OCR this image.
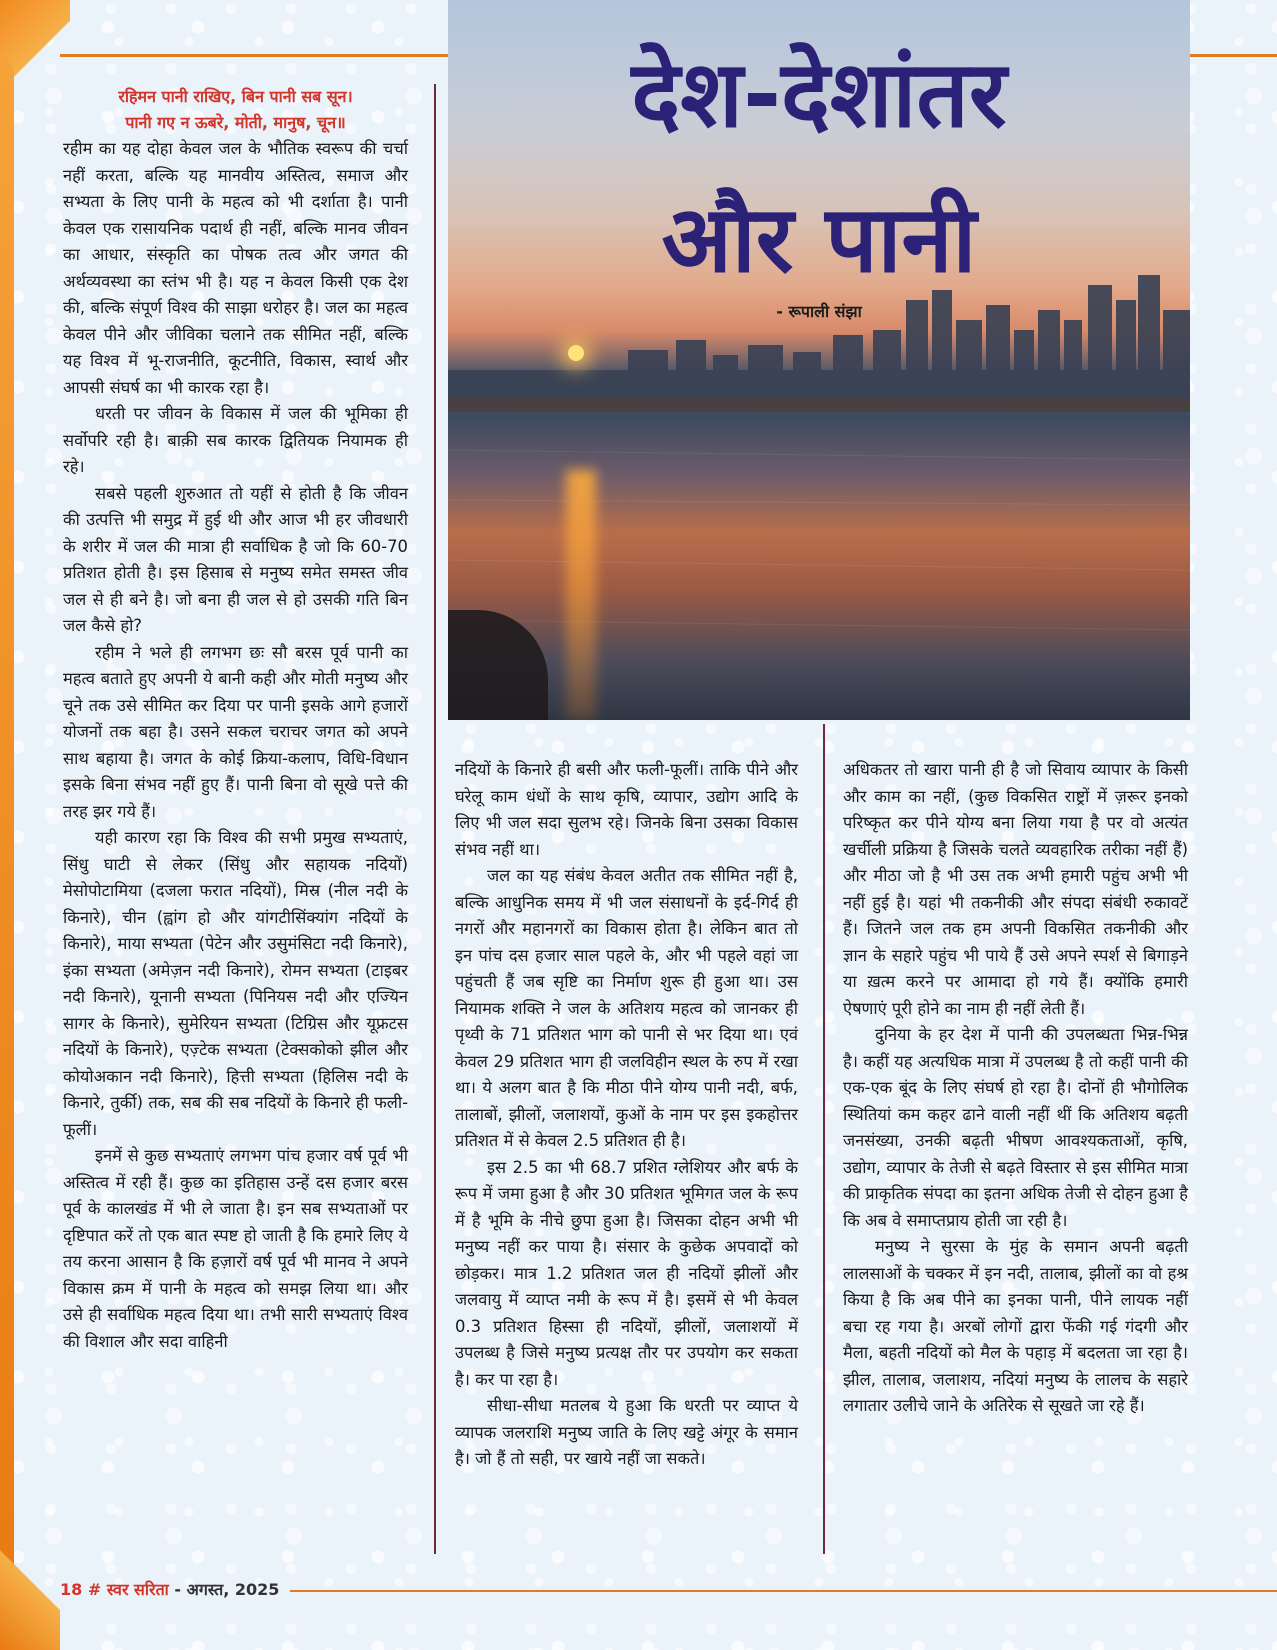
देश-देशांतर
और पानी
- रूपाली संझा

रहिमन पानी राखिए, बिन पानी सब सून।

पानी गए न ऊबरे, मोती, मानुष, चून॥

रहीम का यह दोहा केवल जल के भौतिक स्वरूप की चर्चा नहीं करता, बल्कि यह मानवीय अस्तित्व, समाज और सभ्यता के लिए पानी के महत्व को भी दर्शाता है। पानी केवल एक रासायनिक पदार्थ ही नहीं, बल्कि मानव जीवन का आधार, संस्कृति का पोषक तत्व और जगत की अर्थव्यवस्था का स्तंभ भी है। यह न केवल किसी एक देश की, बल्कि संपूर्ण विश्व की साझा धरोहर है। जल का महत्व केवल पीने और जीविका चलाने तक सीमित नहीं, बल्कि यह विश्व में भू-राजनीति, कूटनीति, विकास, स्वार्थ और आपसी संघर्ष का भी कारक रहा है।

धरती पर जीवन के विकास में जल की भूमिका ही सर्वोपरि रही है। बाक़ी सब कारक द्वितियक नियामक ही रहे।

सबसे पहली शुरुआत तो यहीं से होती है कि जीवन की उत्पत्ति भी समुद्र में हुई थी और आज भी हर जीवधारी के शरीर में जल की मात्रा ही सर्वाधिक है जो कि 60-70 प्रतिशत होती है। इस हिसाब से मनुष्य समेत समस्त जीव जल से ही बने है। जो बना ही जल से हो उसकी गति बिन जल कैसे हो?

रहीम ने भले ही लगभग छः सौ बरस पूर्व पानी का महत्व बताते हुए अपनी ये बानी कही और मोती मनुष्य और चूने तक उसे सीमित कर दिया पर पानी इसके आगे हजारों योजनों तक बहा है। उसने सकल चराचर जगत को अपने साथ बहाया है। जगत के कोई क्रिया-कलाप, विधि-विधान इसके बिना संभव नहीं हुए हैं। पानी बिना वो सूखे पत्ते की तरह झर गये हैं।

यही कारण रहा कि विश्व की सभी प्रमुख सभ्यताएं, सिंधु घाटी से लेकर (सिंधु और सहायक नदियों) मेसोपोटामिया (दजला फरात नदियों), मिस्र (नील नदी के किनारे), चीन (ह्वांग हो और यांगटीसिंक्यांग नदियों के किनारे), माया सभ्यता (पेटेन और उसुमंसिटा नदी किनारे), इंका सभ्यता (अमेज़न नदी किनारे), रोमन सभ्यता (टाइबर नदी किनारे), यूनानी सभ्यता (पिनियस नदी और एज्यिन सागर के किनारे), सुमेरियन सभ्यता (टिग्रिस और यूफ्रटस नदियों के किनारे), एज़्टेक सभ्यता (टेक्सकोको झील और कोयोअकान नदी किनारे), हित्ती सभ्यता (हिलिस नदी के किनारे, तुर्की) तक, सब की सब नदियों के किनारे ही फली-फूलीं।

इनमें से कुछ सभ्यताएं लगभग पांच हजार वर्ष पूर्व भी अस्तित्व में रही हैं। कुछ का इतिहास उन्हें दस हजार बरस पूर्व के कालखंड में भी ले जाता है। इन सब सभ्यताओं पर दृष्टिपात करें तो एक बात स्पष्ट हो जाती है कि हमारे लिए ये तय करना आसान है कि हज़ारों वर्ष पूर्व भी मानव ने अपने विकास क्रम में पानी के महत्व को समझ लिया था। और उसे ही सर्वाधिक महत्व दिया था। तभी सारी सभ्यताएं विश्व की विशाल और सदा वाहिनी

नदियों के किनारे ही बसी और फली-फूलीं। ताकि पीने और घरेलू काम धंधों के साथ कृषि, व्यापार, उद्योग आदि के लिए भी जल सदा सुलभ रहे। जिनके बिना उसका विकास संभव नहीं था।

जल का यह संबंध केवल अतीत तक सीमित नहीं है, बल्कि आधुनिक समय में भी जल संसाधनों के इर्द-गिर्द ही नगरों और महानगरों का विकास होता है। लेकिन बात तो इन पांच दस हजार साल पहले के, और भी पहले वहां जा पहुंचती हैं जब सृष्टि का निर्माण शुरू ही हुआ था। उस नियामक शक्ति ने जल के अतिशय महत्व को जानकर ही पृथ्वी के 71 प्रतिशत भाग को पानी से भर दिया था। एवं केवल 29 प्रतिशत भाग ही जलविहीन स्थल के रुप में रखा था। ये अलग बात है कि मीठा पीने योग्य पानी नदी, बर्फ, तालाबों, झीलों, जलाशयों, कुओं के नाम पर इस इकहोत्तर प्रतिशत में से केवल 2.5 प्रतिशत ही है।

इस 2.5 का भी 68.7 प्रशित ग्लेशियर और बर्फ के रूप में जमा हुआ है और 30 प्रतिशत भूमिगत जल के रूप में है भूमि के नीचे छुपा हुआ है। जिसका दोहन अभी भी मनुष्य नहीं कर पाया है। संसार के कुछेक अपवादों को छोड़कर। मात्र 1.2 प्रतिशत जल ही नदियों झीलों और जलवायु में व्याप्त नमी के रूप में है। इसमें से भी केवल 0.3 प्रतिशत हिस्सा ही नदियों, झीलों, जलाशयों में उपलब्ध है जिसे मनुष्य प्रत्यक्ष तौर पर उपयोग कर सकता है। कर पा रहा है।

सीधा-सीधा मतलब ये हुआ कि धरती पर व्याप्त ये व्यापक जलराशि मनुष्य जाति के लिए खट्टे अंगूर के समान है। जो हैं तो सही, पर खाये नहीं जा सकते।

अधिकतर तो खारा पानी ही है जो सिवाय व्यापार के किसी और काम का नहीं, (कुछ विकसित राष्ट्रों में ज़रूर इनको परिष्कृत कर पीने योग्य बना लिया गया है पर वो अत्यंत खर्चीली प्रक्रिया है जिसके चलते व्यवहारिक तरीका नहीं हैं) और मीठा जो है भी उस तक अभी हमारी पहुंच अभी भी नहीं हुई है। यहां भी तकनीकी और संपदा संबंधी रुकावटें हैं। जितने जल तक हम अपनी विकसित तकनीकी और ज्ञान के सहारे पहुंच भी पाये हैं उसे अपने स्पर्श से बिगाड़ने या ख़त्म करने पर आमादा हो गये हैं। क्योंकि हमारी ऐषणाएं पूरी होने का नाम ही नहीं लेती हैं।

दुनिया के हर देश में पानी की उपलब्धता भिन्न-भिन्न है। कहीं यह अत्यधिक मात्रा में उपलब्ध है तो कहीं पानी की एक-एक बूंद के लिए संघर्ष हो रहा है। दोनों ही भौगोलिक स्थितियां कम कहर ढाने वाली नहीं थीं कि अतिशय बढ़ती जनसंख्या, उनकी बढ़ती भीषण आवश्यकताओं, कृषि, उद्योग, व्यापार के तेजी से बढ़ते विस्तार से इस सीमित मात्रा की प्राकृतिक संपदा का इतना अधिक तेजी से दोहन हुआ है कि अब वे समाप्तप्राय होती जा रही है।

मनुष्य ने सुरसा के मुंह के समान अपनी बढ़ती लालसाओं के चक्कर में इन नदी, तालाब, झीलों का वो हश्र किया है कि अब पीने का इनका पानी, पीने लायक नहीं बचा रह गया है। अरबों लोगों द्वारा फेंकी गई गंदगी और मैला, बहती नदियों को मैल के पहाड़ में बदलता जा रहा है। झील, तालाब, जलाशय, नदियां मनुष्य के लालच के सहारे लगातार उलीचे जाने के अतिरेक से सूखते जा रहे हैं।

18 # स्वर सरिता - अगस्त, 2025
